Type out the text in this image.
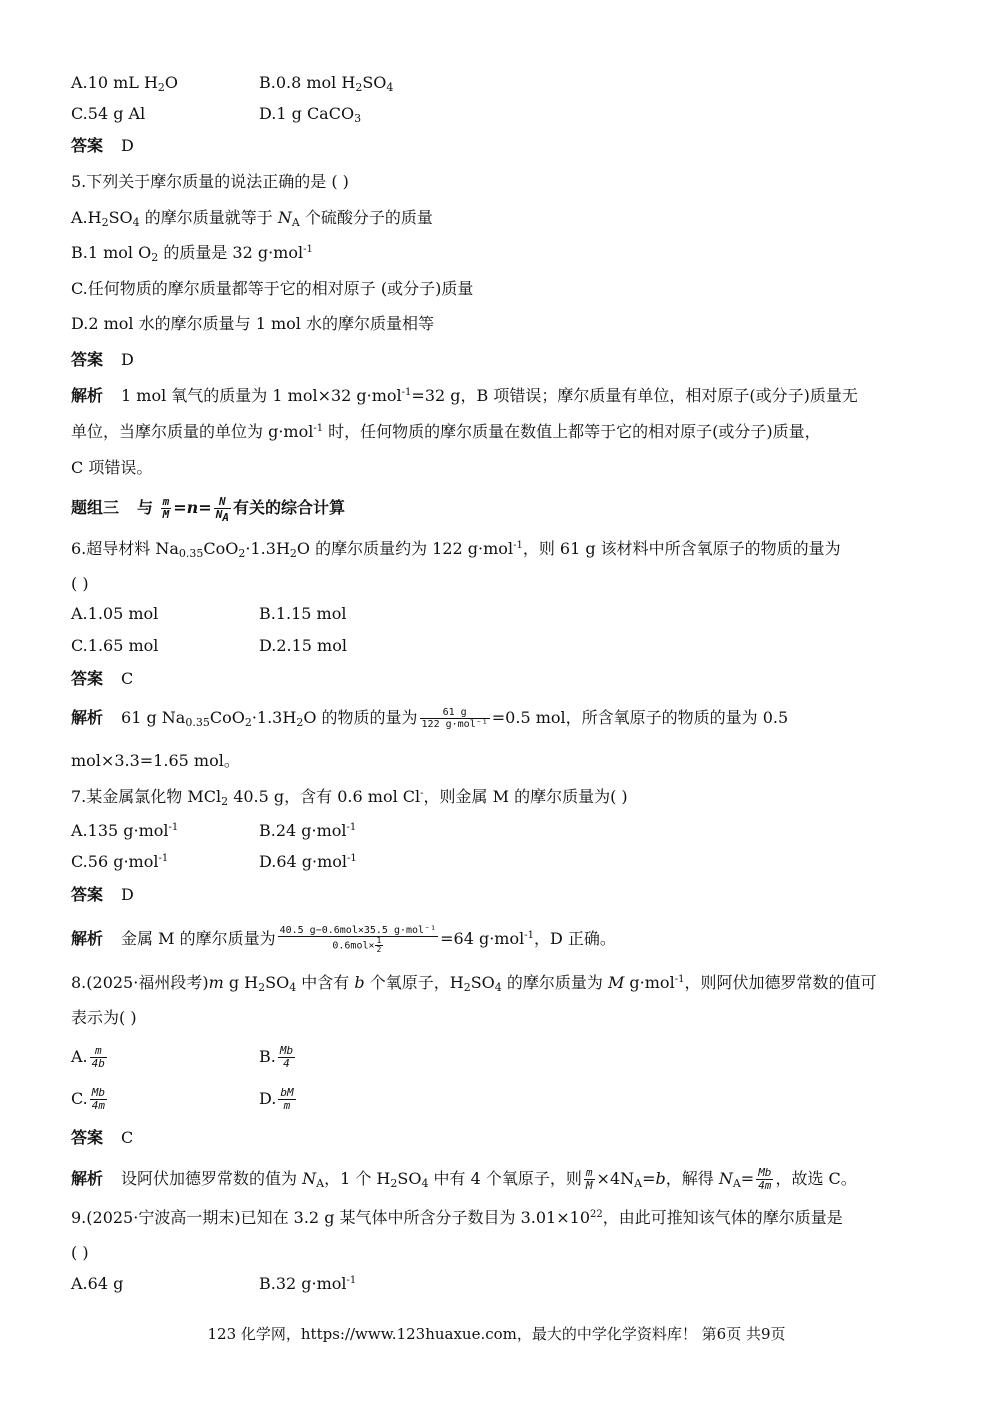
A.10 mL $H_2O$	B.0.8 mol $H_2SO_4$
C.54 g Al	D.1 g CaCO$_3$
答案 D
5.下列关于摩尔质量的说法正确的是 ( )
$A.H_2SO_4$ 的摩尔质量就等于 $N_A$ 个硫酸分子的质量
B.1 mol $O_2$ 的质量是 32 g·mol$^{-1}$
C.任何物质的摩尔质量都等于它的相对原子 (或分子)质量
D.2 mol 水的摩尔质量与 1 mol 水的摩尔质量相等
答案 D
解析 1 mol 氧气的质量为 1 mol×32 g·mol$^{-1}$=32 g，B 项错误；摩尔质量有单位，相对原子(或分子)质量无
单位，当摩尔质量的单位为 g·mol$^{-1}$ 时，任何物质的摩尔质量在数值上都等于它的相对原子(或分子)质量，
C 项错误。
题组三 与 $\frac{m}{M} =n= \frac{N}{N_A}$ 有关的综合计算
6.超导材料 $Na_{0.35}CoO_2\cdot 1.3H_2O$ 的摩尔质量约为 122 g·mol$^{-1}$，则 61 g 该材料中所含氧原子的物质的量为
( )
A.1.05 mol	B.1.15 mol
C.1.65 mol	D.2.15 mol
答案 C
解析 61 g $Na_{0.35}CoO_2\cdot 1.3H_2O$ 的物质的量为 $\frac{61 g}{\text{122 g·mol⁻¹}} =0.5$ mol，所含氧原子的物质的量为 0.5
mol×3.3=1.65 mol。
7.某金属氯化物 MCl$_2$ 40.5 g，含有 0.6 mol Cl-，则金属 M 的摩尔质量为( )
A.135 g·mol$^{-1}$	B.24 g·mol$^{-1}$
C.56 g·mol$^{-1}$	D.64 g·mol$^{-1}$
答案 D
解析 金属 M 的摩尔质量为 $\frac{\text{40.5 g−0.6mol×35.5 g·mol⁻¹}}{0.6mol\times \frac{1}{2}} =64$ g·mol$^{-1}$，D 正确。
8.(2025·福州段考)m g $H_2SO_4$ 中含有 b 个氧原子，$H_2SO_4$ 的摩尔质量为 M g·mol$^{-1}$，则阿伏加德罗常数的值可
表示为( )
A. $\frac{m}{4b}$	B. $\frac{Mb}{4}$
C. $\frac{Mb}{4m}$	D. $\frac{bM}{m}$
答案 C
解析 设阿伏加德罗常数的值为 $N_A$，1 个 $H_2SO_4$ 中有 4 个氧原子，则 $\frac{m}{M} \times 4N_A=b$，解得 $N_A= \frac{Mb}{4m}$ ，故选 C。
9.(2025·宁波高一期末)已知在 3.2 g 某气体中所含分子数目为 $3.01\times 10^{22}$，由此可推知该气体的摩尔质量是
( )
A.64 g	B.32 g·mol$^{-1}$
123 化学网，https://www.123huaxue.com，最大的中学化学资料库！ 第6页 共9页
